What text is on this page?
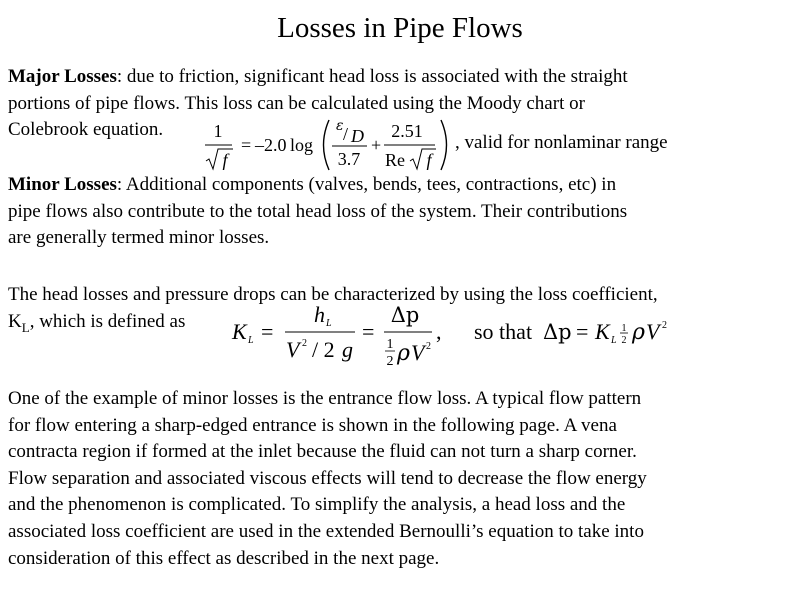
Losses in Pipe Flows
Major Losses: due to friction, significant head loss is associated with the straight
portions of pipe flows. This loss can be calculated using the Moody chart or
Colebrook equation.	1
f
= –2.0 log
ε / D
3.7
+
2.51
Re f
, valid for nonlaminar range
Minor Losses: Additional components (valves, bends, tees, contractions, etc) in
pipe flows also contribute to the total head loss of the system. Their contributions
are generally termed minor losses.
The head losses and pressure drops can be characterized by using the loss coefficient,
$K_L$, which is defined as	K L =
h L
V 2 / 2 g
=
Δp
1
2 ρ V 2
, so that Δp = K L
1
2 ρ V 2
One of the example of minor losses is the entrance flow loss. A typical flow pattern
for flow entering a sharp-edged entrance is shown in the following page. A vena
contracta region if formed at the inlet because the fluid can not turn a sharp corner.
Flow separation and associated viscous effects will tend to decrease the flow energy
and the phenomenon is complicated. To simplify the analysis, a head loss and the
associated loss coefficient are used in the extended Bernoulli’s equation to take into
consideration of this effect as described in the next page.
